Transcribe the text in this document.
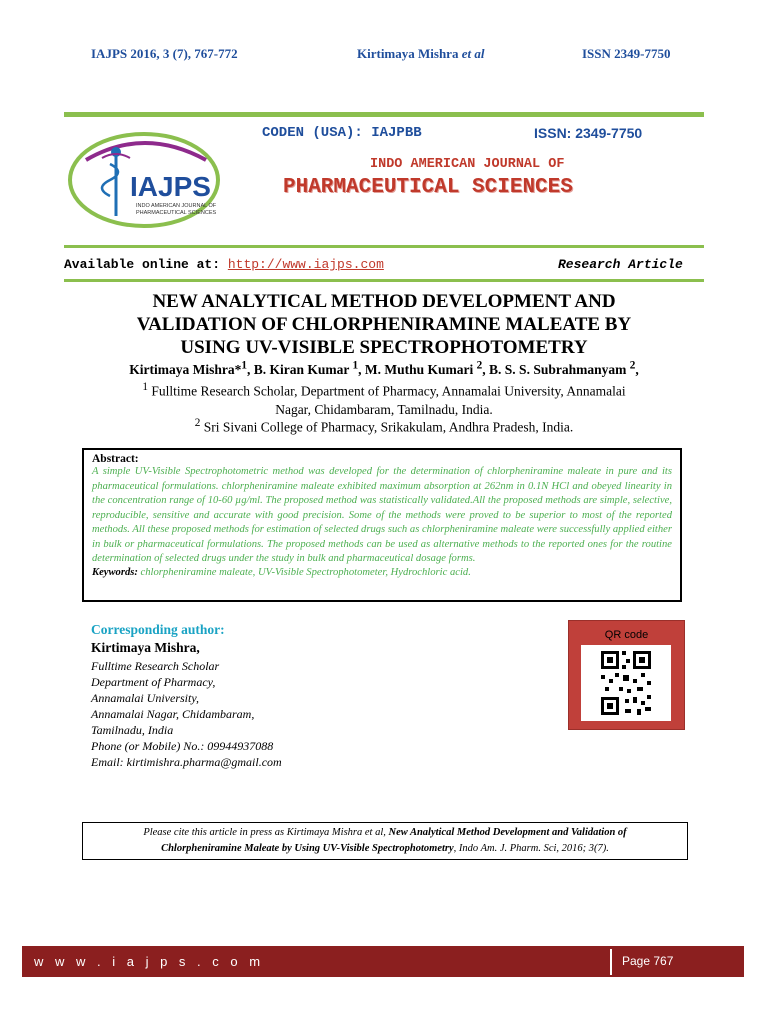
IAJPS 2016, 3 (7), 767-772	Kirtimaya Mishra et al	ISSN 2349-7750
IAJPS
INDO AMERICAN JOURNAL OF
PHARMACEUTICAL SCIENCES
CODEN (USA): IAJPBB	ISSN: 2349-7750
INDO AMERICAN JOURNAL OF
PHARMACEUTICAL SCIENCES
Available online at: http://www.iajps.com	Research Article
NEW ANALYTICAL METHOD DEVELOPMENT AND
VALIDATION OF CHLORPHENIRAMINE MALEATE BY
USING UV-VISIBLE SPECTROPHOTOMETRY
Kirtimaya Mishra*$^1$, B. Kiran Kumar $^1$, M. Muthu Kumari $^2$, B. S. S. Subrahmanyam $^2$,
$^1$ Fulltime Research Scholar, Department of Pharmacy, Annamalai University, Annamalai
Nagar, Chidambaram, Tamilnadu, India.
$^2$ Sri Sivani College of Pharmacy, Srikakulam, Andhra Pradesh, India.
Abstract:
A simple UV-Visible Spectrophotometric method was developed for the determination of chlorpheniramine maleate in pure and its pharmaceutical formulations. chlorpheniramine maleate exhibited maximum absorption at 262nm in 0.1N HCl and obeyed linearity in the concentration range of 10-60 µg/ml. The proposed method was statistically validated.All the proposed methods are simple, selective, reproducible, sensitive and accurate with good precision. Some of the methods were proved to be superior to most of the reported methods. All these proposed methods for estimation of selected drugs such as chlorpheniramine maleate were successfully applied either in bulk or pharmaceutical formulations. The proposed methods can be used as alternative methods to the reported ones for the routine determination of selected drugs under the study in bulk and pharmaceutical dosage forms.
Keywords: chlorpheniramine maleate, UV-Visible Spectrophotometer, Hydrochloric acid.
Corresponding author:
Kirtimaya Mishra,
Fulltime Research Scholar
Department of Pharmacy,
Annamalai University,
Annamalai Nagar, Chidambaram,
Tamilnadu, India
Phone (or Mobile) No.: 09944937088
Email: kirtimishra.pharma@gmail.com
QR code
Please cite this article in press as Kirtimaya Mishra et al, New Analytical Method Development and Validation of
Chlorpheniramine Maleate by Using UV-Visible Spectrophotometry, Indo Am. J. Pharm. Sci, 2016; 3(7).
w w w . i a j p s . c o m	Page 767
